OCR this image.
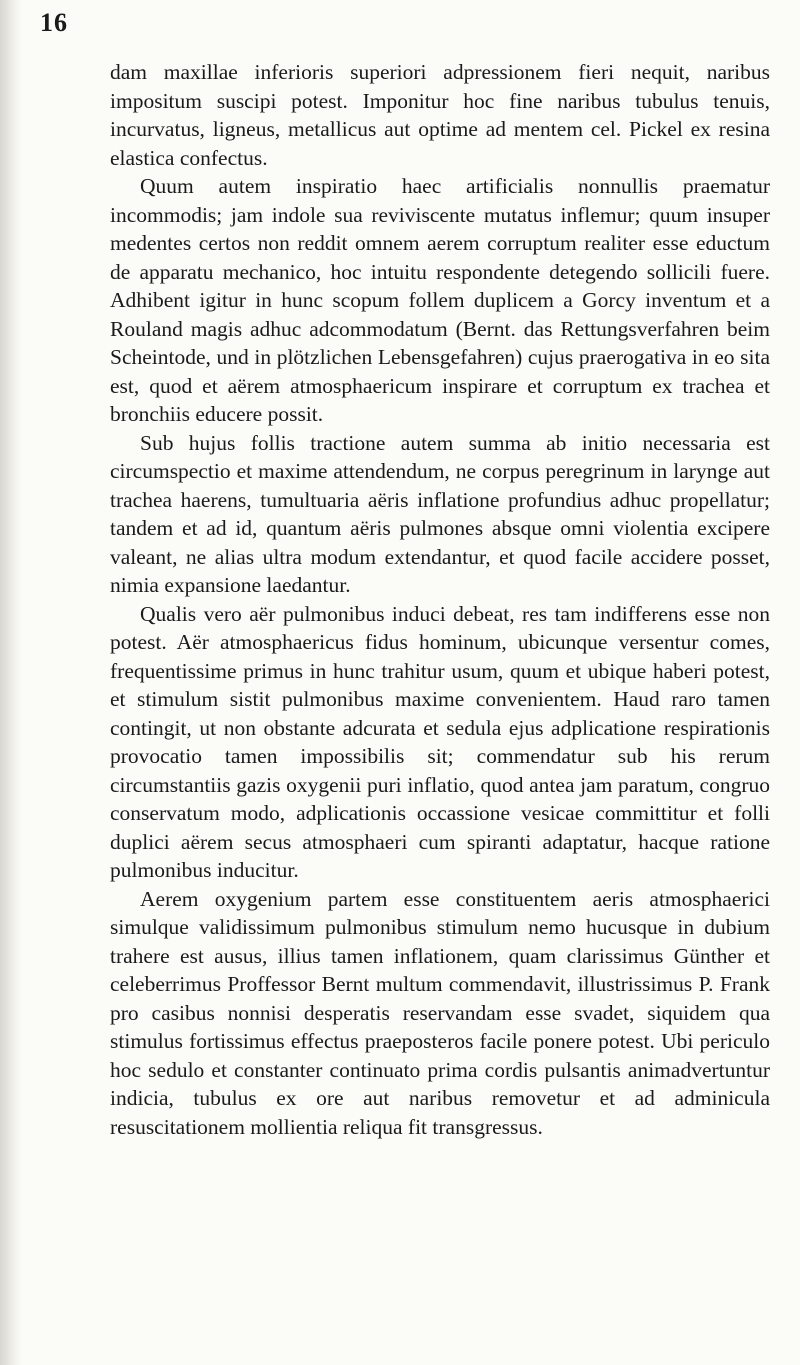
16

dam maxillae inferioris superiori adpressionem fieri nequit, naribus impositum suscipi potest. Imponitur hoc fine naribus tubulus tenuis, incurvatus, ligneus, metallicus aut optime ad mentem cel. Pickel ex resina elastica confectus.

Quum autem inspiratio haec artificialis nonnullis praematur incommodis; jam indole sua reviviscente mutatus inflemur; quum insuper medentes certos non reddit omnem aerem corruptum realiter esse eductum de apparatu mechanico, hoc intuitu respondente detegendo sollicili fuere. Adhibent igitur in hunc scopum follem duplicem a Gorcy inventum et a Rouland magis adhuc adcommodatum (Bernt. das Rettungsverfahren beim Scheintode, und in plötzlichen Lebensgefahren) cujus praerogativa in eo sita est, quod et aërem atmosphaericum inspirare et corruptum ex trachea et bronchiis educere possit.

Sub hujus follis tractione autem summa ab initio necessaria est circumspectio et maxime attendendum, ne corpus peregrinum in larynge aut trachea haerens, tumultuaria aëris inflatione profundius adhuc propellatur; tandem et ad id, quantum aëris pulmones absque omni violentia excipere valeant, ne alias ultra modum extendantur, et quod facile accidere posset, nimia expansione laedantur.

Qualis vero aër pulmonibus induci debeat, res tam indifferens esse non potest. Aër atmosphaericus fidus hominum, ubicunque versentur comes, frequentissime primus in hunc trahitur usum, quum et ubique haberi potest, et stimulum sistit pulmonibus maxime convenientem. Haud raro tamen contingit, ut non obstante adcurata et sedula ejus adplicatione respirationis provocatio tamen impossibilis sit; commendatur sub his rerum circumstantiis gazis oxygenii puri inflatio, quod antea jam paratum, congruo conservatum modo, adplicationis occassione vesicae committitur et folli duplici aërem secus atmosphaeri cum spiranti adaptatur, hacque ratione pulmonibus inducitur.

Aerem oxygenium partem esse constituentem aeris atmosphaerici simulque validissimum pulmonibus stimulum nemo hucusque in dubium trahere est ausus, illius tamen inflationem, quam clarissimus Günther et celeberrimus Proffessor Bernt multum commendavit, illustrissimus P. Frank pro casibus nonnisi desperatis reservandam esse svadet, siquidem qua stimulus fortissimus effectus praeposteros facile ponere potest. Ubi periculo hoc sedulo et constanter continuato prima cordis pulsantis animadvertuntur indicia, tubulus ex ore aut naribus removetur et ad adminicula resuscitationem mollientia reliqua fit transgressus.
